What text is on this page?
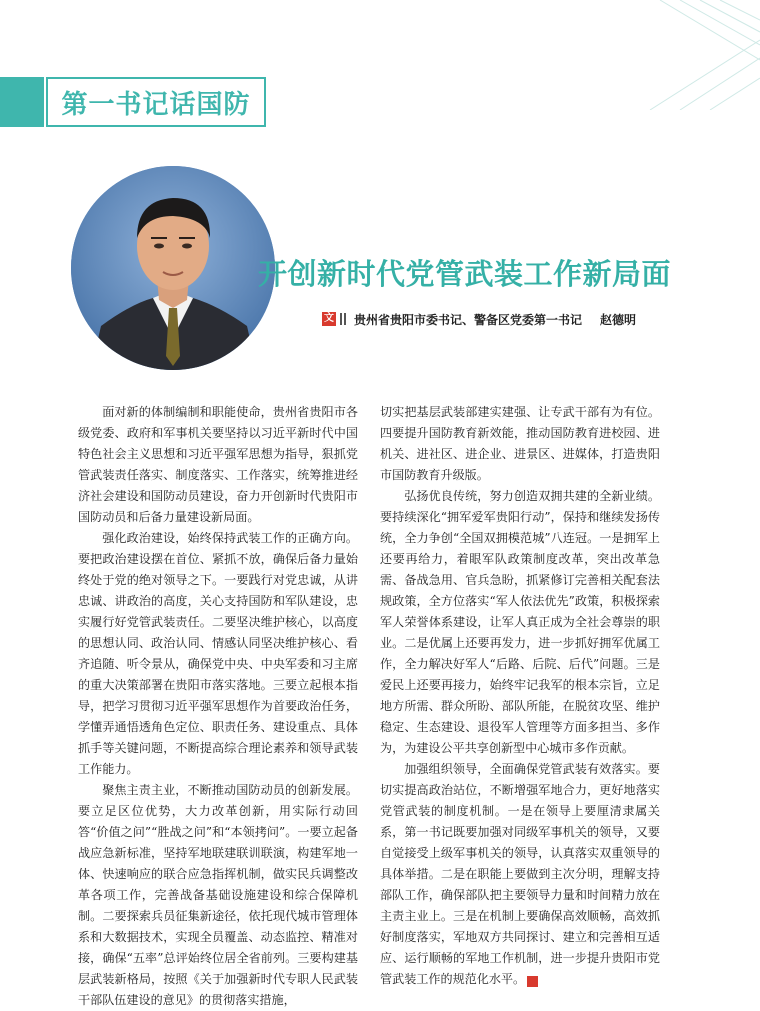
第一书记话国防
开创新时代党管武装工作新局面
文 贵州省贵阳市委书记、警备区党委第一书记 赵德明

面对新的体制编制和职能使命，贵州省贵阳市各级党委、政府和军事机关要坚持以习近平新时代中国特色社会主义思想和习近平强军思想为指导，狠抓党管武装责任落实、制度落实、工作落实，统筹推进经济社会建设和国防动员建设，奋力开创新时代贵阳市国防动员和后备力量建设新局面。

强化政治建设，始终保持武装工作的正确方向。要把政治建设摆在首位、紧抓不放，确保后备力量始终处于党的绝对领导之下。一要践行对党忠诚，从讲忠诚、讲政治的高度，关心支持国防和军队建设，忠实履行好党管武装责任。二要坚决维护核心，以高度的思想认同、政治认同、情感认同坚决维护核心、看齐追随、听令景从，确保党中央、中央军委和习主席的重大决策部署在贵阳市落实落地。三要立起根本指导，把学习贯彻习近平强军思想作为首要政治任务，学懂弄通悟透角色定位、职责任务、建设重点、具体抓手等关键问题，不断提高综合理论素养和领导武装工作能力。

聚焦主责主业，不断推动国防动员的创新发展。要立足区位优势，大力改革创新，用实际行动回答“价值之问”“胜战之问”和“本领拷问”。一要立起备战应急新标准，坚持军地联建联训联演，构建军地一体、快速响应的联合应急指挥机制，做实民兵调整改革各项工作，完善战备基础设施建设和综合保障机制。二要探索兵员征集新途径，依托现代城市管理体系和大数据技术，实现全员覆盖、动态监控、精准对接，确保“五率”总评始终位居全省前列。三要构建基层武装新格局，按照《关于加强新时代专职人民武装干部队伍建设的意见》的贯彻落实措施，

切实把基层武装部建实建强、让专武干部有为有位。四要提升国防教育新效能，推动国防教育进校园、进机关、进社区、进企业、进景区、进媒体，打造贵阳市国防教育升级版。

弘扬优良传统，努力创造双拥共建的全新业绩。要持续深化“拥军爱军贵阳行动”，保持和继续发扬传统，全力争创“全国双拥模范城”八连冠。一是拥军上还要再给力，着眼军队政策制度改革，突出改革急需、备战急用、官兵急盼，抓紧修订完善相关配套法规政策，全方位落实“军人依法优先”政策，积极探索军人荣誉体系建设，让军人真正成为全社会尊崇的职业。二是优属上还要再发力，进一步抓好拥军优属工作，全力解决好军人“后路、后院、后代”问题。三是爱民上还要再接力，始终牢记我军的根本宗旨，立足地方所需、群众所盼、部队所能，在脱贫攻坚、维护稳定、生态建设、退役军人管理等方面多担当、多作为，为建设公平共享创新型中心城市多作贡献。

加强组织领导，全面确保党管武装有效落实。要切实提高政治站位，不断增强军地合力，更好地落实党管武装的制度机制。一是在领导上要厘清隶属关系，第一书记既要加强对同级军事机关的领导，又要自觉接受上级军事机关的领导，认真落实双重领导的具体举措。二是在职能上要做到主次分明，理解支持部队工作，确保部队把主要领导力量和时间精力放在主责主业上。三是在机制上要确保高效顺畅，高效抓好制度落实，军地双方共同探讨、建立和完善相互适应、运行顺畅的军地工作机制，进一步提升贵阳市党管武装工作的规范化水平。	G
